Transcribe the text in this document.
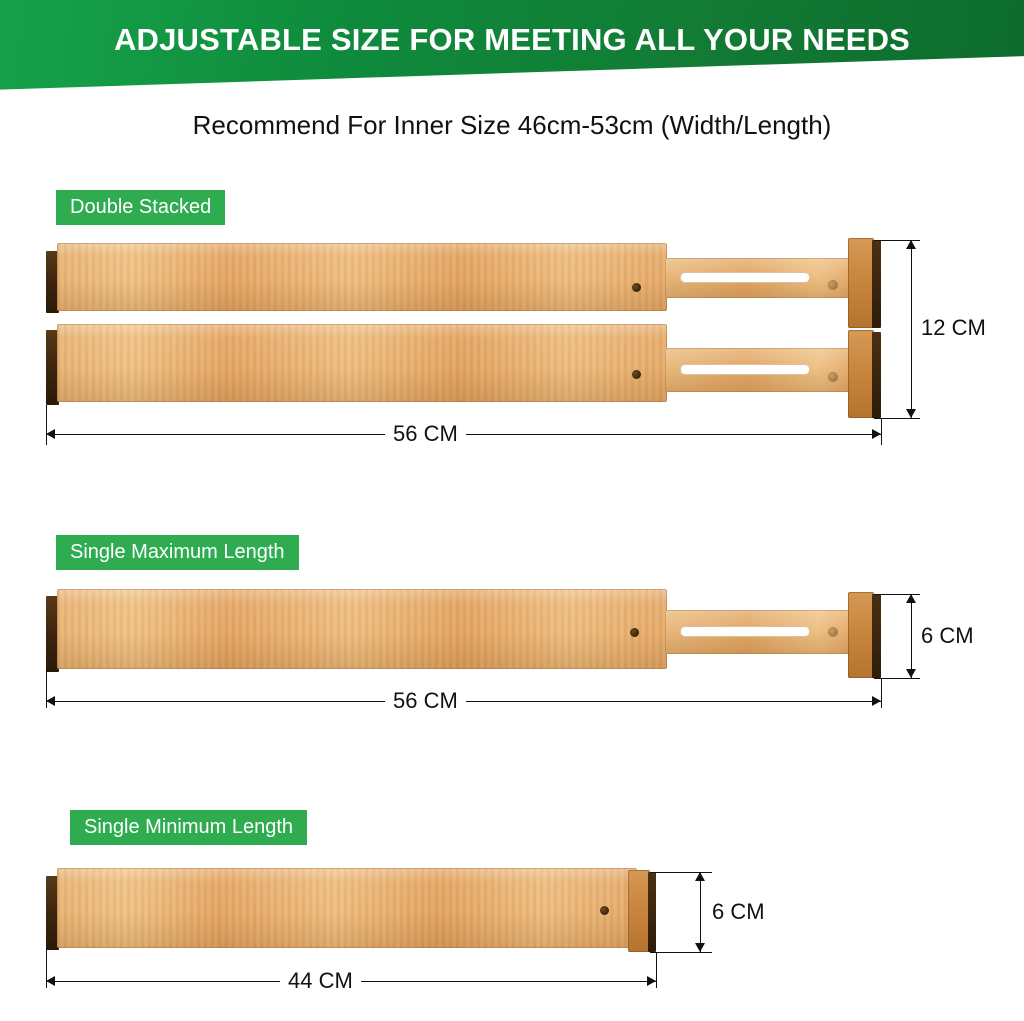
ADJUSTABLE SIZE FOR MEETING ALL YOUR NEEDS
Recommend For Inner Size 46cm-53cm (Width/Length)
Double Stacked
12 CM
56 CM
Single Maximum Length
6 CM
56 CM
Single Minimum Length
6 CM
44 CM
